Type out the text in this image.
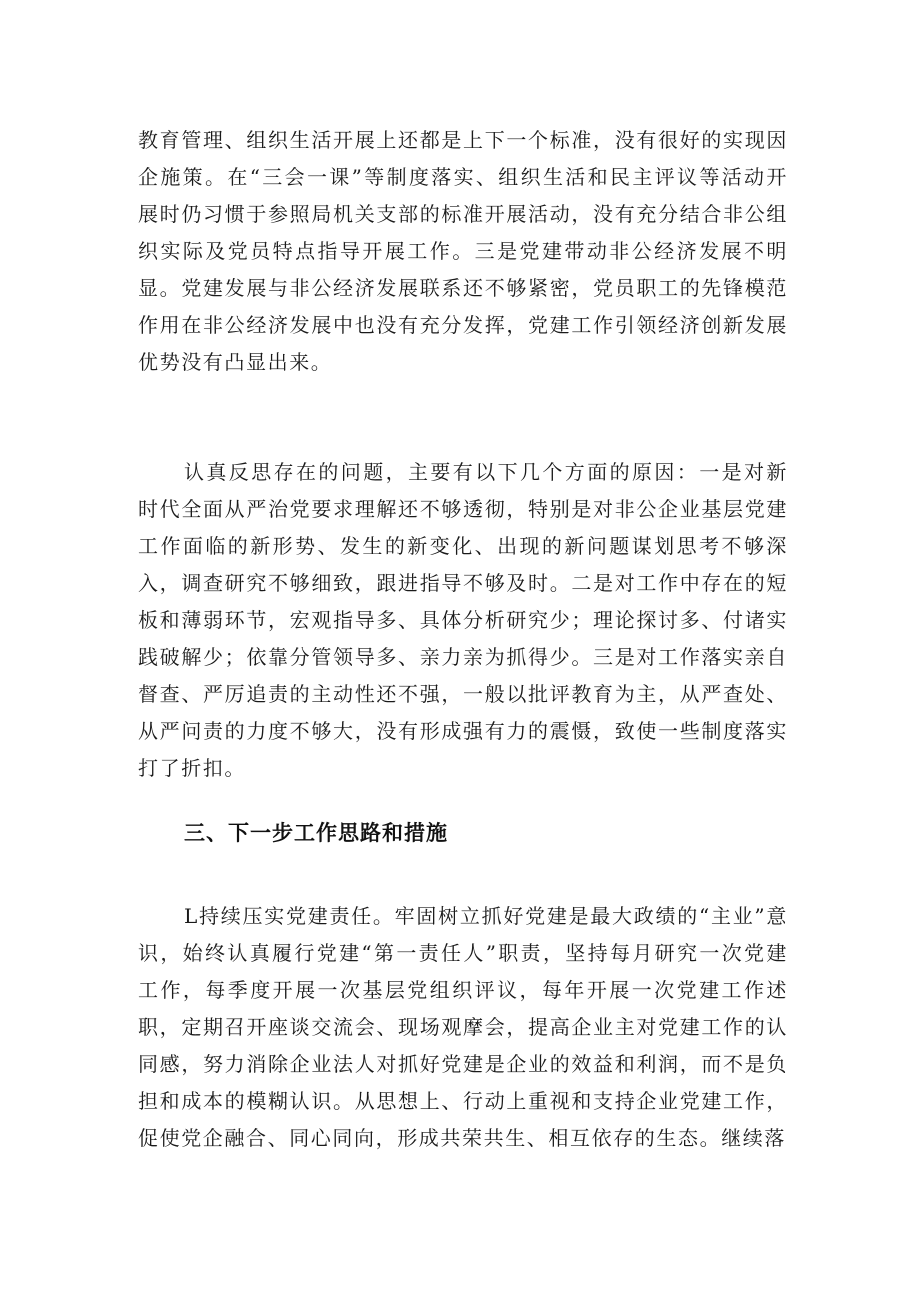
教育管理、组织生活开展上还都是上下一个标准，没有很好的实现因企施策。在“三会一课”等制度落实、组织生活和民主评议等活动开展时仍习惯于参照局机关支部的标准开展活动，没有充分结合非公组织实际及党员特点指导开展工作。三是党建带动非公经济发展不明显。党建发展与非公经济发展联系还不够紧密，党员职工的先锋模范作用在非公经济发展中也没有充分发挥，党建工作引领经济创新发展优势没有凸显出来。

认真反思存在的问题，主要有以下几个方面的原因：一是对新时代全面从严治党要求理解还不够透彻，特别是对非公企业基层党建工作面临的新形势、发生的新变化、出现的新问题谋划思考不够深入，调查研究不够细致，跟进指导不够及时。二是对工作中存在的短板和薄弱环节，宏观指导多、具体分析研究少；理论探讨多、付诸实践破解少；依靠分管领导多、亲力亲为抓得少。三是对工作落实亲自督查、严厉追责的主动性还不强，一般以批评教育为主，从严查处、从严问责的力度不够大，没有形成强有力的震慑，致使一些制度落实打了折扣。

三、下一步工作思路和措施

L持续压实党建责任。牢固树立抓好党建是最大政绩的“主业”意识，始终认真履行党建“第一责任人”职责，坚持每月研究一次党建工作，每季度开展一次基层党组织评议，每年开展一次党建工作述职，定期召开座谈交流会、现场观摩会，提高企业主对党建工作的认同感，努力消除企业法人对抓好党建是企业的效益和利润，而不是负担和成本的模糊认识。从思想上、行动上重视和支持企业党建工作，促使党企融合、同心同向，形成共荣共生、相互依存的生态。继续落
